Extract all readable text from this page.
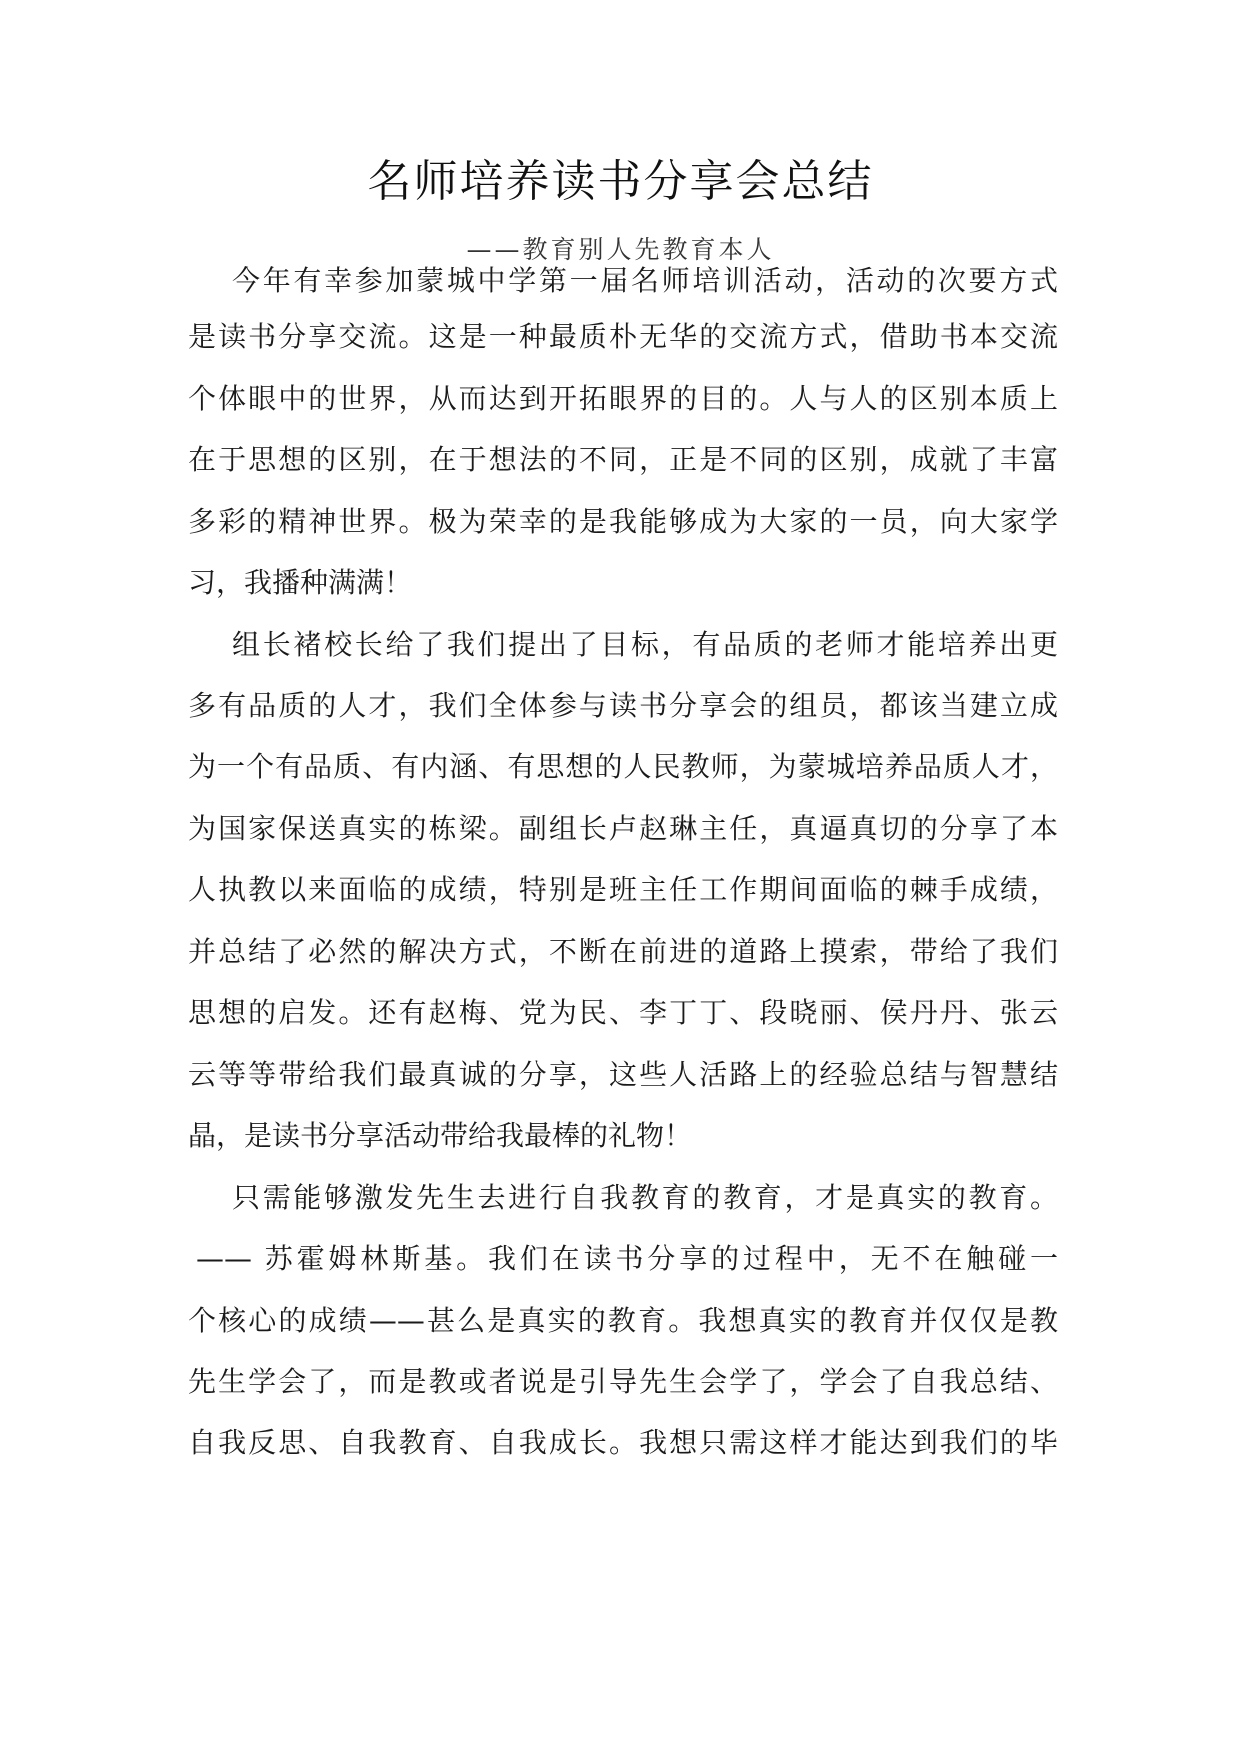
名师培养读书分享会总结
——教育别人先教育本人
今年有幸参加蒙城中学第一届名师培训活动，活动的次要方式
是读书分享交流。这是一种最质朴无华的交流方式，借助书本交流
个体眼中的世界，从而达到开拓眼界的目的。人与人的区别本质上
在于思想的区别，在于想法的不同，正是不同的区别，成就了丰富
多彩的精神世界。极为荣幸的是我能够成为大家的一员，向大家学
习，我播种满满！
组长褚校长给了我们提出了目标，有品质的老师才能培养出更
多有品质的人才，我们全体参与读书分享会的组员，都该当建立成
为一个有品质、有内涵、有思想的人民教师，为蒙城培养品质人才，
为国家保送真实的栋梁。副组长卢赵琳主任，真逼真切的分享了本
人执教以来面临的成绩，特别是班主任工作期间面临的棘手成绩，
并总结了必然的解决方式，不断在前进的道路上摸索，带给了我们
思想的启发。还有赵梅、党为民、李丁丁、段晓丽、侯丹丹、张云
云等等带给我们最真诚的分享，这些人活路上的经验总结与智慧结
晶，是读书分享活动带给我最棒的礼物！
只需能够激发先生去进行自我教育的教育，才是真实的教育。
—— 苏霍姆林斯基。我们在读书分享的过程中，无不在触碰一
个核心的成绩——甚么是真实的教育。我想真实的教育并仅仅是教
先生学会了，而是教或者说是引导先生会学了，学会了自我总结、
自我反思、自我教育、自我成长。我想只需这样才能达到我们的毕
